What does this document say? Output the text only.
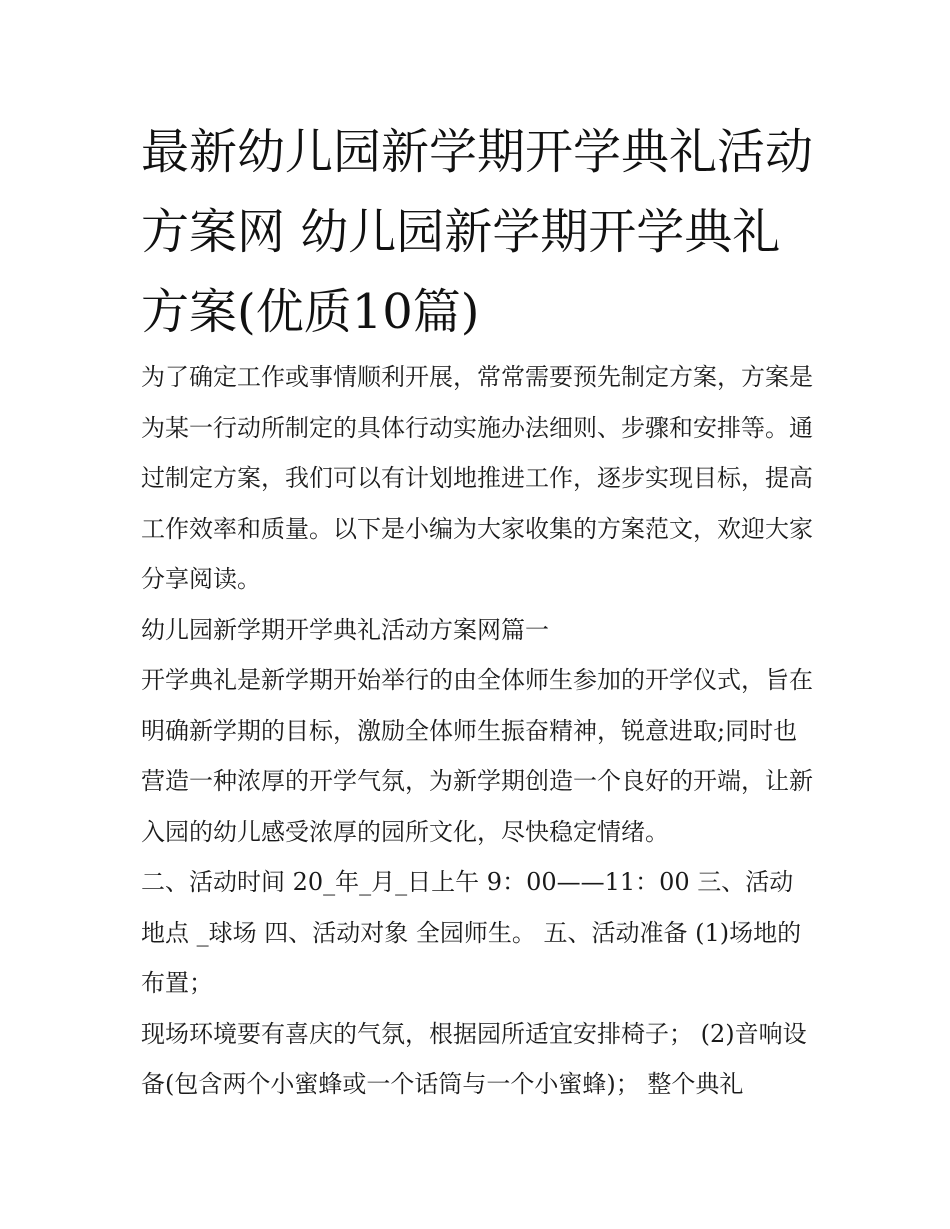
最新幼儿园新学期开学典礼活动方案网 幼儿园新学期开学典礼方案(优质10篇)

为了确定工作或事情顺利开展，常常需要预先制定方案，方案是为某一行动所制定的具体行动实施办法细则、步骤和安排等。通过制定方案，我们可以有计划地推进工作，逐步实现目标，提高工作效率和质量。以下是小编为大家收集的方案范文，欢迎大家分享阅读。

幼儿园新学期开学典礼活动方案网篇一

开学典礼是新学期开始举行的由全体师生参加的开学仪式，旨在明确新学期的目标，激励全体师生振奋精神，锐意进取;同时也营造一种浓厚的开学气氛，为新学期创造一个良好的开端，让新入园的幼儿感受浓厚的园所文化，尽快稳定情绪。

二、活动时间 20_年_月_日上午 9：00——11：00 三、活动地点 _球场 四、活动对象 全园师生。 五、活动准备 (1)场地的布置；

现场环境要有喜庆的气氛，根据园所适宜安排椅子； (2)音响设备(包含两个小蜜蜂或一个话筒与一个小蜜蜂)； 整个典礼
